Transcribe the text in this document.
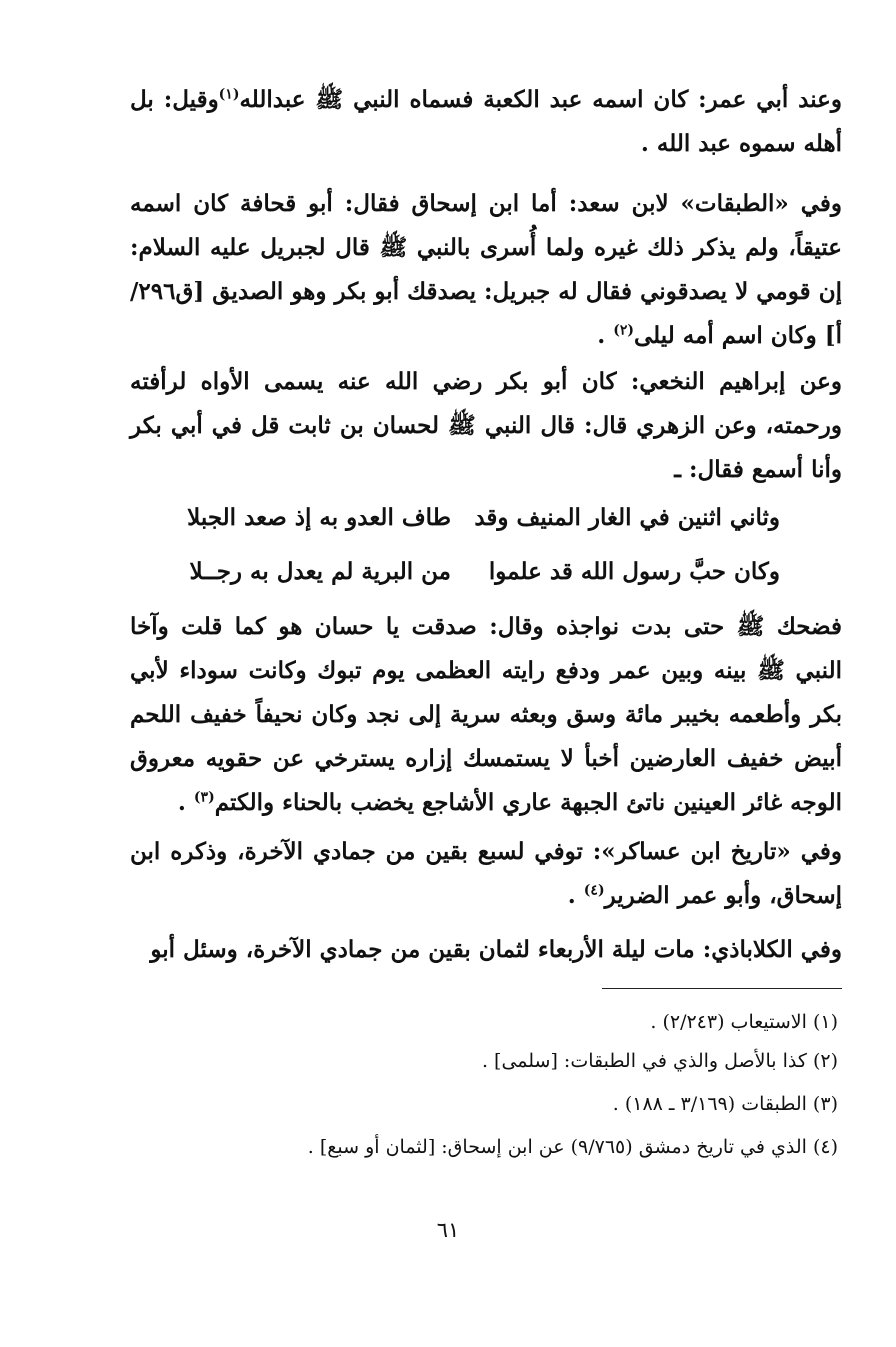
وعند أبي عمر: كان اسمه عبد الكعبة فسماه النبي ﷺ عبدالله$^{(١)}$وقيل: بل أهله سموه عبد الله .

وفي «الطبقات» لابن سعد: أما ابن إسحاق فقال: أبو قحافة كان اسمه عتيقاً، ولم يذكر ذلك غيره ولما أُسرى بالنبي ﷺ قال لجبريل عليه السلام: إن قومي لا يصدقوني فقال له جبريل: يصدقك أبو بكر وهو الصديق [ق٢٩٦/أ] وكان اسم أمه ليلى$^{(٢)}$ .

وعن إبراهيم النخعي: كان أبو بكر رضي الله عنه يسمى الأواه لرأفته ورحمته، وعن الزهري قال: قال النبي ﷺ لحسان بن ثابت قل في أبي بكر وأنا أسمع فقال: ـ

وثاني اثنين في الغار المنيف وقد
طاف العدو به إذ صعد الجبلا
وكان حبَّ رسول الله قد علموا
من البرية لم يعدل به رجــلا

فضحك ﷺ حتى بدت نواجذه وقال: صدقت يا حسان هو كما قلت وآخا النبي ﷺ بينه وبين عمر ودفع رايته العظمى يوم تبوك وكانت سوداء لأبي بكر وأطعمه بخيبر مائة وسق وبعثه سرية إلى نجد وكان نحيفاً خفيف اللحم أبيض خفيف العارضين أخبأ لا يستمسك إزاره يسترخي عن حقويه معروق الوجه غائر العينين ناتئ الجبهة عاري الأشاجع يخضب بالحناء والكتم$^{(٣)}$ .

وفي «تاريخ ابن عساكر»: توفي لسبع بقين من جمادي الآخرة، وذكره ابن إسحاق، وأبو عمر الضرير$^{(٤)}$ .

وفي الكلاباذي: مات ليلة الأربعاء لثمان بقين من جمادي الآخرة، وسئل أبو

(١) الاستيعاب (٢/٢٤٣) .
(٢) كذا بالأصل والذي في الطبقات: [سلمى] .
(٣) الطبقات (٣/١٦٩ ـ ١٨٨) .
(٤) الذي في تاريخ دمشق (٩/٧٦٥) عن ابن إسحاق: [لثمان أو سبع] .
٦١
